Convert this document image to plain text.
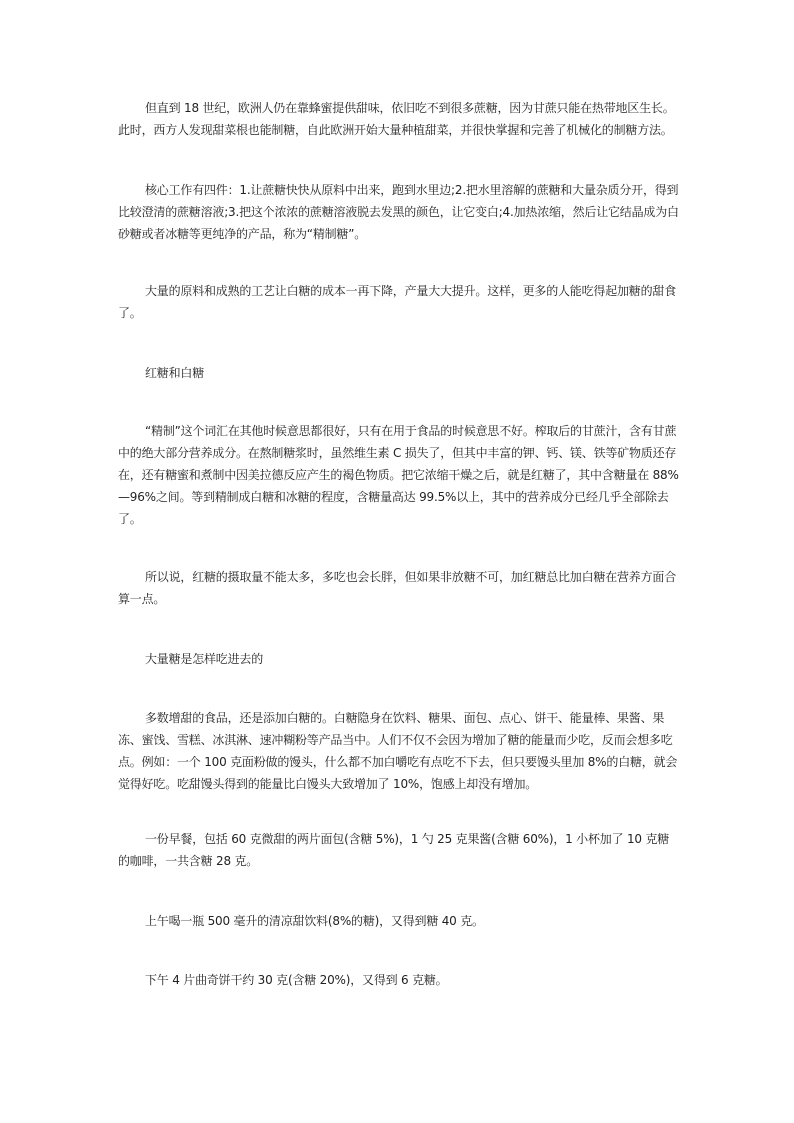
但直到 18 世纪，欧洲人仍在靠蜂蜜提供甜味，依旧吃不到很多蔗糖，因为甘蔗只能在热带地区生长。此时，西方人发现甜菜根也能制糖，自此欧洲开始大量种植甜菜，并很快掌握和完善了机械化的制糖方法。

核心工作有四件：1.让蔗糖快快从原料中出来，跑到水里边;2.把水里溶解的蔗糖和大量杂质分开，得到比较澄清的蔗糖溶液;3.把这个浓浓的蔗糖溶液脱去发黑的颜色，让它变白;4.加热浓缩，然后让它结晶成为白砂糖或者冰糖等更纯净的产品，称为“精制糖”。

大量的原料和成熟的工艺让白糖的成本一再下降，产量大大提升。这样，更多的人能吃得起加糖的甜食了。

红糖和白糖

“精制”这个词汇在其他时候意思都很好，只有在用于食品的时候意思不好。榨取后的甘蔗汁，含有甘蔗中的绝大部分营养成分。在熬制糖浆时，虽然维生素 C 损失了，但其中丰富的钾、钙、镁、铁等矿物质还存在，还有糖蜜和煮制中因美拉德反应产生的褐色物质。把它浓缩干燥之后，就是红糖了，其中含糖量在 88%—96%之间。等到精制成白糖和冰糖的程度，含糖量高达 99.5%以上，其中的营养成分已经几乎全部除去了。

所以说，红糖的摄取量不能太多，多吃也会长胖，但如果非放糖不可，加红糖总比加白糖在营养方面合算一点。

大量糖是怎样吃进去的

多数增甜的食品，还是添加白糖的。白糖隐身在饮料、糖果、面包、点心、饼干、能量棒、果酱、果冻、蜜饯、雪糕、冰淇淋、速冲糊粉等产品当中。人们不仅不会因为增加了糖的能量而少吃，反而会想多吃点。例如：一个 100 克面粉做的馒头，什么都不加白嚼吃有点吃不下去，但只要馒头里加 8%的白糖，就会觉得好吃。吃甜馒头得到的能量比白馒头大致增加了 10%，饱感上却没有增加。

一份早餐，包括 60 克微甜的两片面包(含糖 5%)，1 勺 25 克果酱(含糖 60%)，1 小杯加了 10 克糖的咖啡，一共含糖 28 克。

上午喝一瓶 500 毫升的清凉甜饮料(8%的糖)，又得到糖 40 克。

下午 4 片曲奇饼干约 30 克(含糖 20%)，又得到 6 克糖。
